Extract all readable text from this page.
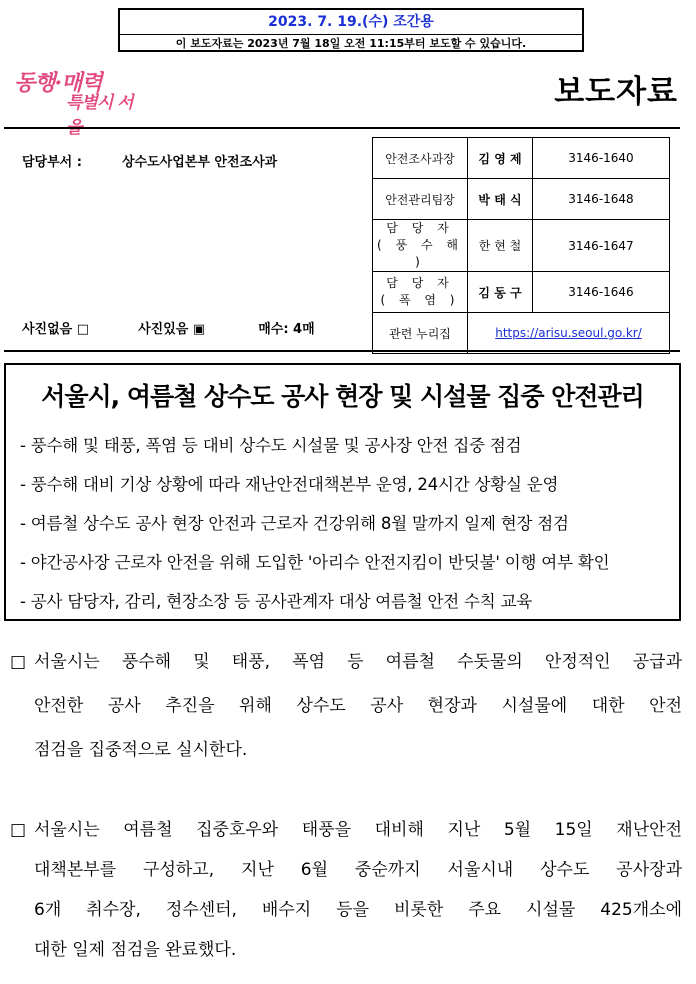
2023. 7. 19.(수) 조간용
이 보도자료는 2023년 7월 18일 오전 11:15부터 보도할 수 있습니다.
동행·매력
특별시 서울
보도자료
담당부서 :	상수도사업본부 안전조사과
사진없음 □	사진있음 ▣	매수: 4매
안전조사과장	김 영 제	3146-1640
안전관리팀장	박 태 식	3146-1648

담 당 자
( 풍 수 해 )	한 현 철	3146-1647

담 당 자
( 폭 염 )	김 동 구	3146-1646
관련 누리집	https://arisu.seoul.go.kr/	
서울시, 여름철 상수도 공사 현장 및 시설물 집중 안전관리
- 풍수해 및 태풍, 폭염 등 대비 상수도 시설물 및 공사장 안전 집중 점검
- 풍수해 대비 기상 상황에 따라 재난안전대책본부 운영, 24시간 상황실 운영
- 여름철 상수도 공사 현장 안전과 근로자 건강위해 8월 말까지 일제 현장 점검
- 야간공사장 근로자 안전을 위해 도입한 '아리수 안전지킴이 반딧불' 이행 여부 확인
- 공사 담당자, 감리, 현장소장 등 공사관계자 대상 여름철 안전 수칙 교육
□ 서울시는 풍수해 및 태풍, 폭염 등 여름철 수돗물의 안정적인 공급과
안전한 공사 추진을 위해 상수도 공사 현장과 시설물에 대한 안전
점검을 집중적으로 실시한다.
□ 서울시는 여름철 집중호우와 태풍을 대비해 지난 5월 15일 재난안전
대책본부를 구성하고, 지난 6월 중순까지 서울시내 상수도 공사장과
6개 취수장, 정수센터, 배수지 등을 비롯한 주요 시설물 425개소에
대한 일제 점검을 완료했다.
